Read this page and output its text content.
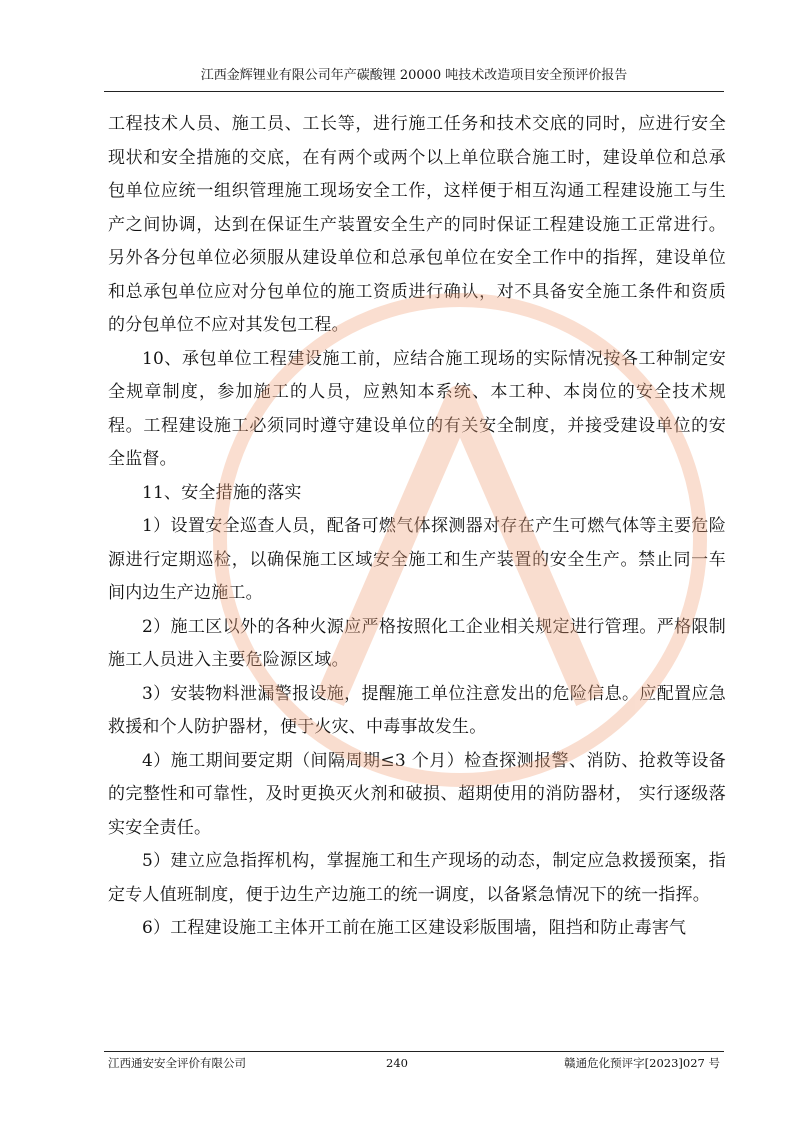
江西金辉锂业有限公司年产碳酸锂 20000 吨技术改造项目安全预评价报告

工程技术人员、施工员、工长等，进行施工任务和技术交底的同时，应进行安全现状和安全措施的交底，在有两个或两个以上单位联合施工时，建设单位和总承包单位应统一组织管理施工现场安全工作，这样便于相互沟通工程建设施工与生产之间协调，达到在保证生产装置安全生产的同时保证工程建设施工正常进行。另外各分包单位必须服从建设单位和总承包单位在安全工作中的指挥，建设单位和总承包单位应对分包单位的施工资质进行确认，对不具备安全施工条件和资质的分包单位不应对其发包工程。

10、承包单位工程建设施工前，应结合施工现场的实际情况按各工种制定安全规章制度，参加施工的人员，应熟知本系统、本工种、本岗位的安全技术规程。工程建设施工必须同时遵守建设单位的有关安全制度，并接受建设单位的安全监督。

11、安全措施的落实

1）设置安全巡查人员，配备可燃气体探测器对存在产生可燃气体等主要危险源进行定期巡检，以确保施工区域安全施工和生产装置的安全生产。禁止同一车间内边生产边施工。

2）施工区以外的各种火源应严格按照化工企业相关规定进行管理。严格限制施工人员进入主要危险源区域。

3）安装物料泄漏警报设施，提醒施工单位注意发出的危险信息。应配置应急救援和个人防护器材，便于火灾、中毒事故发生。

4）施工期间要定期（间隔周期≤3 个月）检查探测报警、消防、抢救等设备的完整性和可靠性，及时更换灭火剂和破损、超期使用的消防器材， 实行逐级落实安全责任。

5）建立应急指挥机构，掌握施工和生产现场的动态，制定应急救援预案，指定专人值班制度，便于边生产边施工的统一调度，以备紧急情况下的统一指挥。

6）工程建设施工主体开工前在施工区建设彩版围墙，阻挡和防止毒害气

江西通安安全评价有限公司	240	赣通危化预评字[2023]027 号
